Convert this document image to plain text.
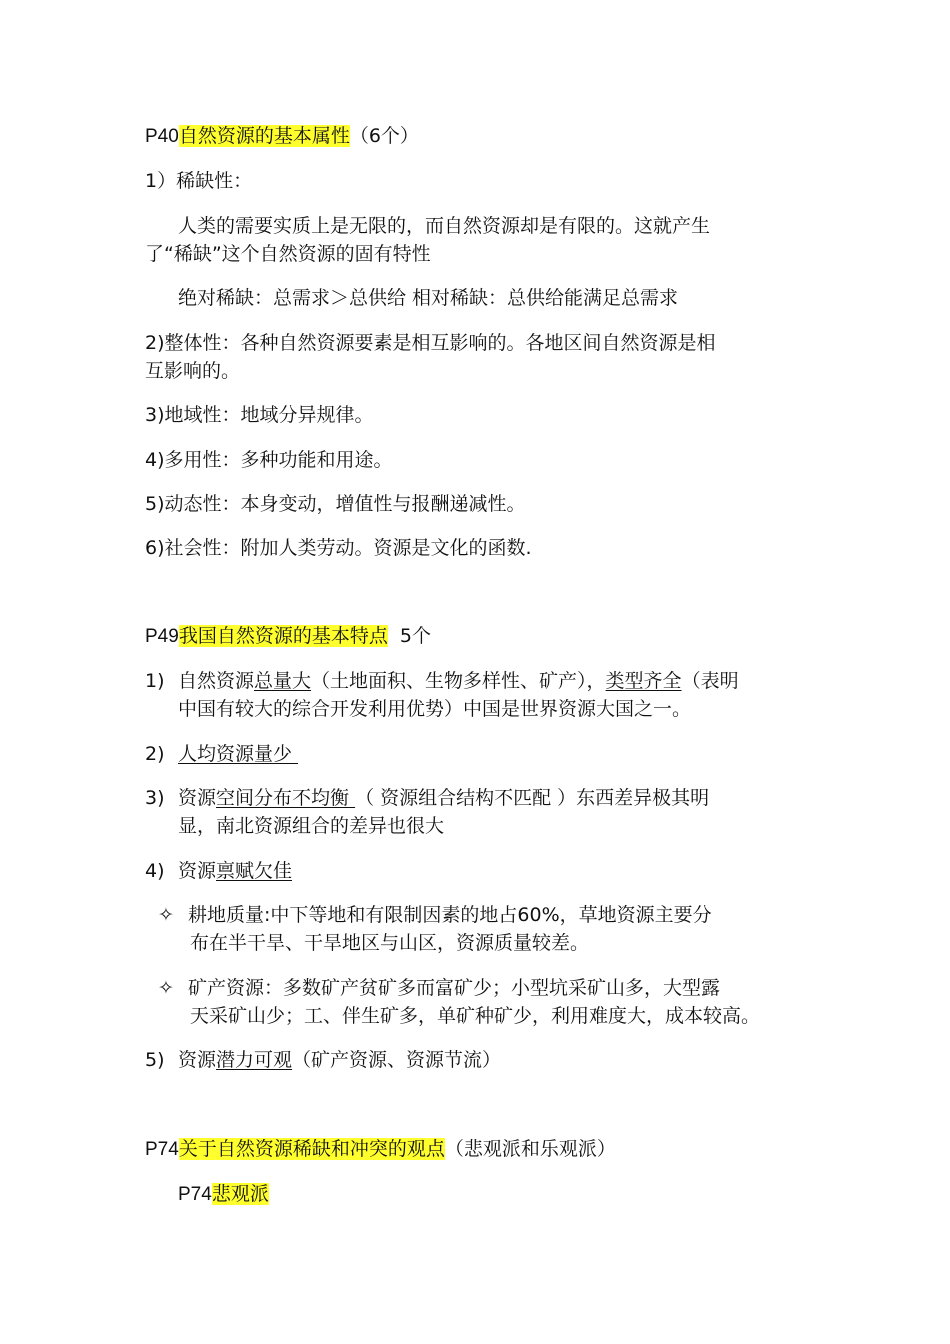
P40自然资源的基本属性（6个）
1）稀缺性：
人类的需要实质上是无限的，而自然资源却是有限的。这就产生
了“稀缺”这个自然资源的固有特性
绝对稀缺：总需求＞总供给 相对稀缺：总供给能满足总需求
2)整体性：各种自然资源要素是相互影响的。各地区间自然资源是相
互影响的。
3)地域性：地域分异规律。
4)多用性：多种功能和用途。
5)动态性：本身变动，增值性与报酬递减性。
6)社会性：附加人类劳动。资源是文化的函数.
P49我国自然资源的基本特点  5个
1) 自然资源总量大（土地面积、生物多样性、矿产），类型齐全（表明
中国有较大的综合开发利用优势）中国是世界资源大国之一。
2) 人均资源量少
3) 资源空间分布不均衡 （ 资源组合结构不匹配 ）东西差异极其明
显，南北资源组合的差异也很大
4) 资源禀赋欠佳
✧ 耕地质量:中下等地和有限制因素的地占60%，草地资源主要分
布在半干旱、干旱地区与山区，资源质量较差。
✧ 矿产资源：多数矿产贫矿多而富矿少；小型坑采矿山多，大型露
天采矿山少；工、伴生矿多，单矿种矿少，利用难度大，成本较高。
5) 资源潜力可观（矿产资源、资源节流）
P74关于自然资源稀缺和冲突的观点（悲观派和乐观派）
P74悲观派
